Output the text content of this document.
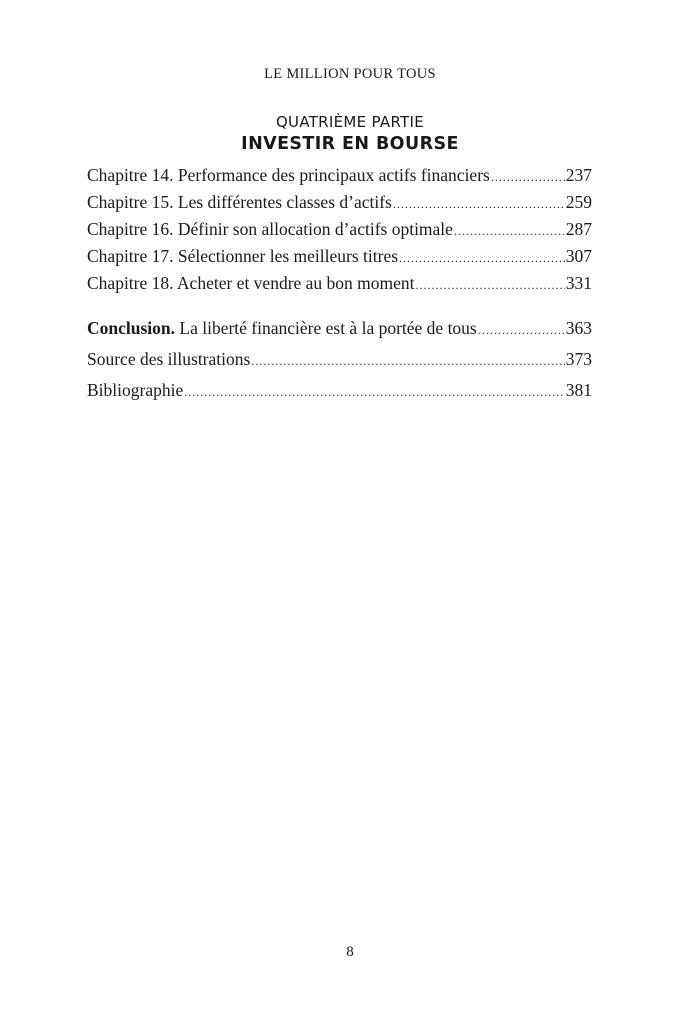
LE MILLION POUR TOUS
QUATRIÈME PARTIE
INVESTIR EN BOURSE
Chapitre 14. Performance des principaux actifs financiers .....	237
Chapitre 15. Les différentes classes d’actifs .....	259
Chapitre 16. Définir son allocation d’actifs optimale .....	287
Chapitre 17. Sélectionner les meilleurs titres .....	307
Chapitre 18. Acheter et vendre au bon moment .....	331
Conclusion. La liberté financière est à la portée de tous .....	363
Source des illustrations .....	373
Bibliographie .....	381
8
